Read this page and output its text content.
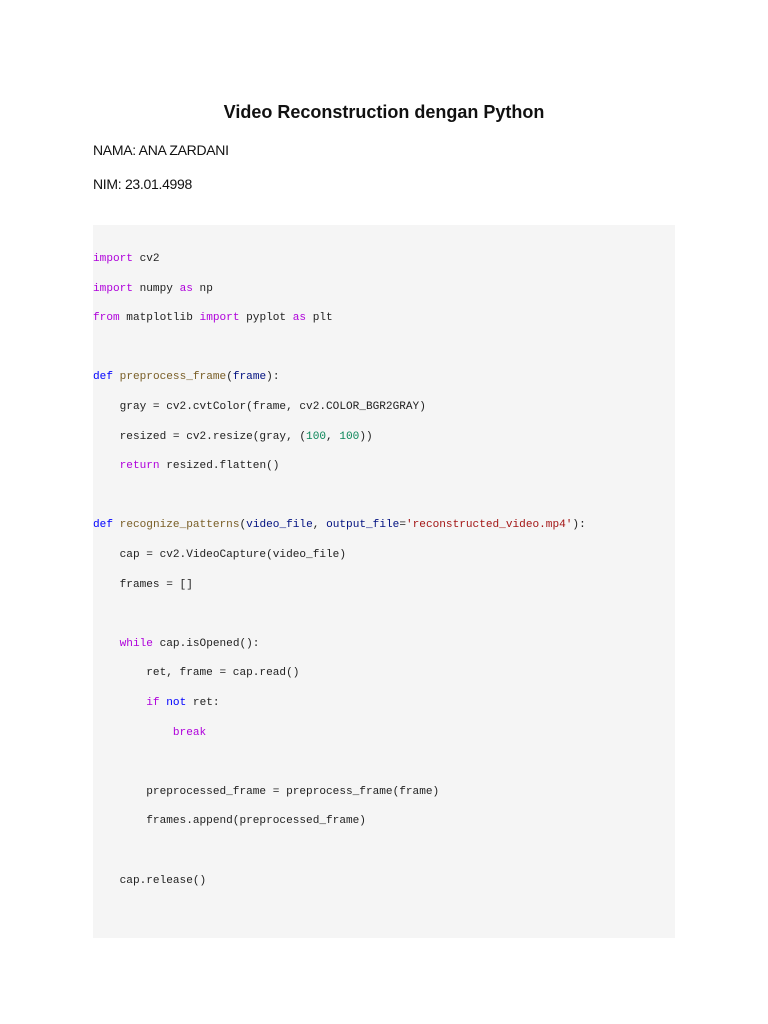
Video Reconstruction dengan Python
NAMA: ANA ZARDANI
NIM: 23.01.4998
import cv2
import numpy as np
from matplotlib import pyplot as plt
def preprocess_frame(frame):
gray = cv2.cvtColor(frame, cv2.COLOR_BGR2GRAY)
resized = cv2.resize(gray, (100, 100))
return resized.flatten()
def recognize_patterns(video_file, output_file='reconstructed_video.mp4'):
cap = cv2.VideoCapture(video_file)
frames = []
while cap.isOpened():
ret, frame = cap.read()
if not ret:
break
preprocessed_frame = preprocess_frame(frame)
frames.append(preprocessed_frame)
cap.release()
